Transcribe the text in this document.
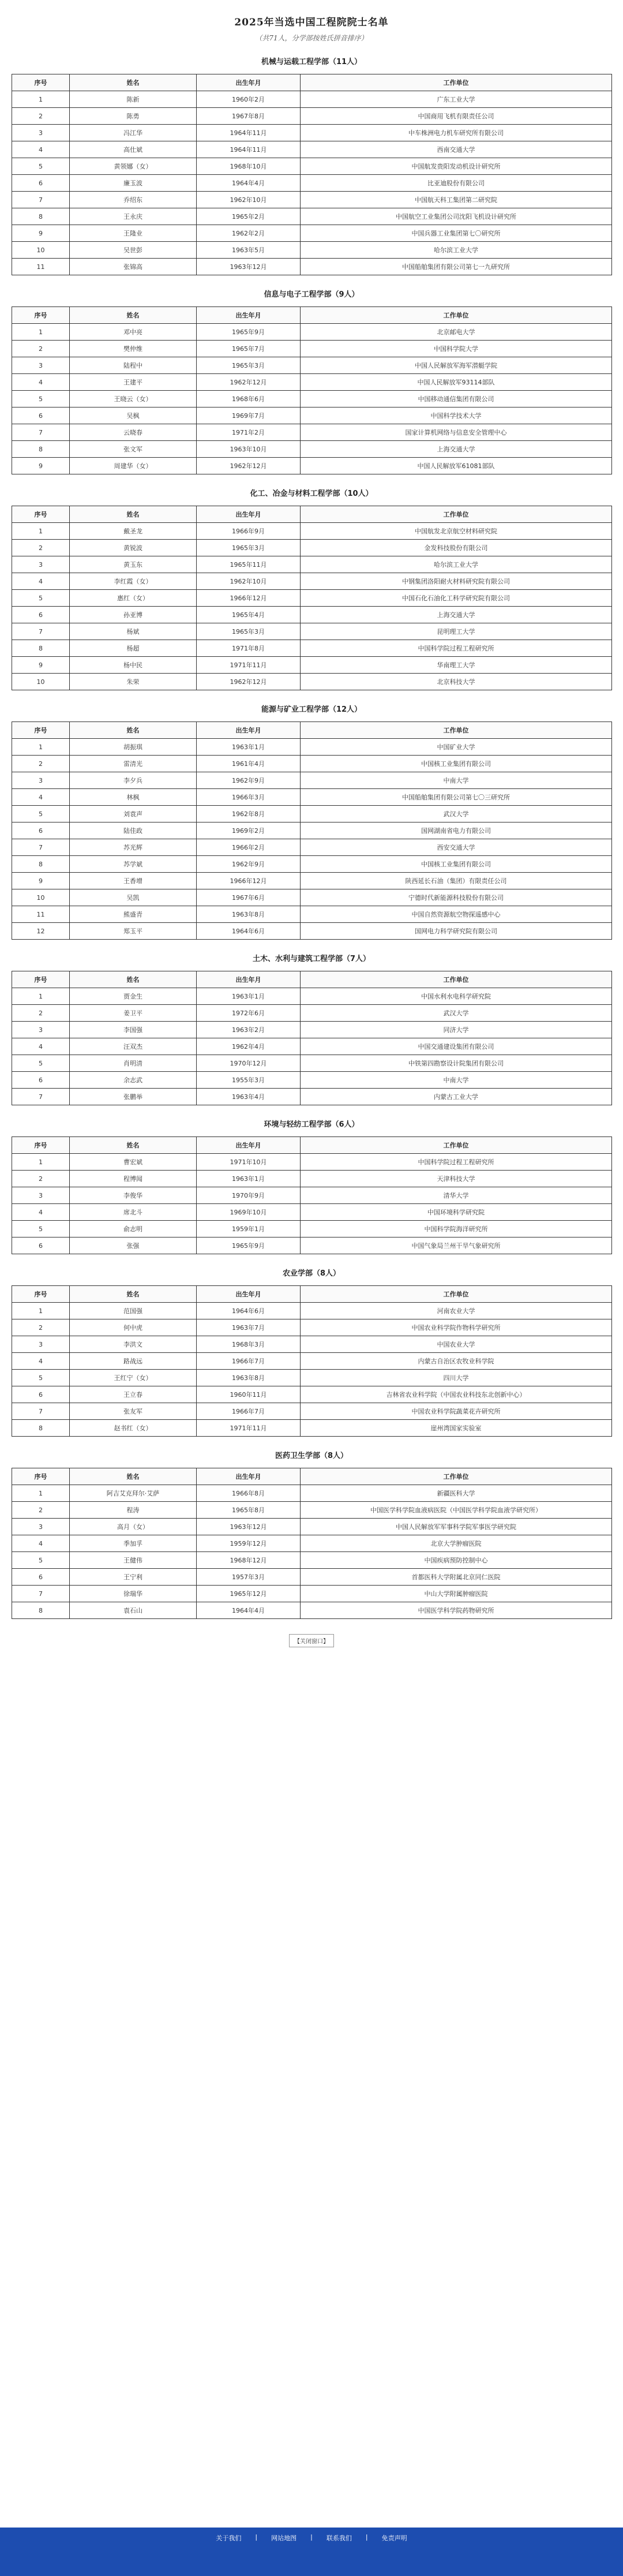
2025年当选中国工程院院士名单
（共71人，分学部按姓氏拼音排序）
机械与运载工程学部（11人）
序号	姓名	出生年月	工作单位
1	陈新	1960年2月	广东工业大学
2	陈勇	1967年8月	中国商用飞机有限责任公司
3	冯江华	1964年11月	中车株洲电力机车研究所有限公司
4	高仕斌	1964年11月	西南交通大学
5	黄领娜（女）	1968年10月	中国航发贵阳发动机设计研究所
6	廉玉波	1964年4月	比亚迪股份有限公司
7	乔绍东	1962年10月	中国航天科工集团第二研究院
8	王永庆	1965年2月	中国航空工业集团公司沈阳飞机设计研究所
9	王隆业	1962年2月	中国兵器工业集团第七〇研究所
10	吴世彭	1963年5月	哈尔滨工业大学
11	张锦高	1963年12月	中国船舶集团有限公司第七一九研究所
信息与电子工程学部（9人）
序号	姓名	出生年月	工作单位
1	邓中亮	1965年9月	北京邮电大学
2	樊仲维	1965年7月	中国科学院大学
3	陆程中	1965年3月	中国人民解放军海军潜艇学院
4	王建平	1962年12月	中国人民解放军93114部队
5	王晓云（女）	1968年6月	中国移动通信集团有限公司
6	吴枫	1969年7月	中国科学技术大学
7	云晓春	1971年2月	国家计算机网络与信息安全管理中心
8	张文军	1963年10月	上海交通大学
9	周建华（女）	1962年12月	中国人民解放军61081部队
化工、冶金与材料工程学部（10人）
序号	姓名	出生年月	工作单位
1	戴圣龙	1966年9月	中国航发北京航空材料研究院
2	黄锐波	1965年3月	金发科技股份有限公司
3	黄玉东	1965年11月	哈尔滨工业大学
4	李红霞（女）	1962年10月	中钢集团洛阳耐火材料研究院有限公司
5	惠红（女）	1966年12月	中国石化石油化工科学研究院有限公司
6	孙亚博	1965年4月	上海交通大学
7	杨斌	1965年3月	昆明理工大学
8	杨超	1971年8月	中国科学院过程工程研究所
9	杨中民	1971年11月	华南理工大学
10	朱荣	1962年12月	北京科技大学
能源与矿业工程学部（12人）
序号	姓名	出生年月	工作单位
1	胡振琪	1963年1月	中国矿业大学
2	雷清光	1961年4月	中国核工业集团有限公司
3	李夕兵	1962年9月	中南大学
4	林枫	1966年3月	中国船舶集团有限公司第七〇三研究所
5	刘袁声	1962年8月	武汉大学
6	陆佳政	1969年2月	国网湖南省电力有限公司
7	苏光辉	1966年2月	西安交通大学
8	苏学斌	1962年9月	中国核工业集团有限公司
9	王香增	1966年12月	陕西延长石油（集团）有限责任公司
10	吴凯	1967年6月	宁德时代新能源科技股份有限公司
11	熊盛青	1963年8月	中国自然资源航空物探遥感中心
12	郑玉平	1964年6月	国网电力科学研究院有限公司
土木、水利与建筑工程学部（7人）
序号	姓名	出生年月	工作单位
1	贾金生	1963年1月	中国水利水电科学研究院
2	姜卫平	1972年6月	武汉大学
3	李国强	1963年2月	同济大学
4	汪双杰	1962年4月	中国交通建设集团有限公司
5	肖明清	1970年12月	中铁第四勘察设计院集团有限公司
6	余志武	1955年3月	中南大学
7	张鹏举	1963年4月	内蒙古工业大学
环境与轻纺工程学部（6人）
序号	姓名	出生年月	工作单位
1	曹宏斌	1971年10月	中国科学院过程工程研究所
2	程博闻	1963年1月	天津科技大学
3	李俊华	1970年9月	清华大学
4	席北斗	1969年10月	中国环境科学研究院
5	俞志明	1959年1月	中国科学院海洋研究所
6	张强	1965年9月	中国气象局兰州干旱气象研究所
农业学部（8人）
序号	姓名	出生年月	工作单位
1	范国强	1964年6月	河南农业大学
2	何中虎	1963年7月	中国农业科学院作物科学研究所
3	李洪文	1968年3月	中国农业大学
4	路战远	1966年7月	内蒙古自治区农牧业科学院
5	王红宁（女）	1963年8月	四川大学
6	王立春	1960年11月	吉林省农业科学院（中国农业科技东北创新中心）
7	张友军	1966年7月	中国农业科学院蔬菜花卉研究所
8	赵书红（女）	1971年11月	崖州湾国家实验室
医药卫生学部（8人）
序号	姓名	出生年月	工作单位
1	阿吉艾克拜尔·艾萨	1966年8月	新疆医科大学
2	程涛	1965年8月	中国医学科学院血液病医院（中国医学科学院血液学研究所）
3	高月（女）	1963年12月	中国人民解放军军事科学院军事医学研究院
4	季加孚	1959年12月	北京大学肿瘤医院
5	王健伟	1968年12月	中国疾病预防控制中心
6	王宁利	1957年3月	首都医科大学附属北京同仁医院
7	徐瑞华	1965年12月	中山大学附属肿瘤医院
8	袁石山	1964年4月	中国医学科学院药物研究所
【关闭窗口】
关于我们 | 网站地图 | 联系我们 | 免责声明
